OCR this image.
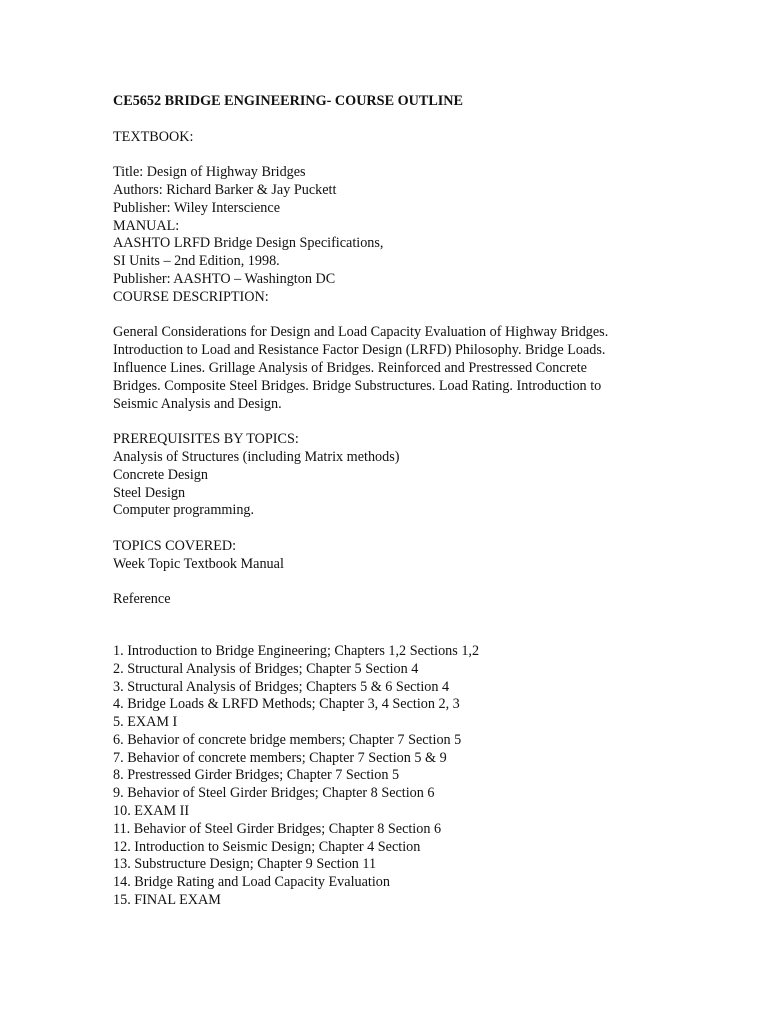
CE5652 BRIDGE ENGINEERING- COURSE OUTLINE

TEXTBOOK:

Title: Design of Highway Bridges

Authors: Richard Barker & Jay Puckett

Publisher: Wiley Interscience

MANUAL:

AASHTO LRFD Bridge Design Specifications,

SI Units – 2nd Edition, 1998.

Publisher: AASHTO – Washington DC

COURSE DESCRIPTION:

General Considerations for Design and Load Capacity Evaluation of Highway Bridges.

Introduction to Load and Resistance Factor Design (LRFD) Philosophy. Bridge Loads.

Influence Lines. Grillage Analysis of Bridges. Reinforced and Prestressed Concrete

Bridges. Composite Steel Bridges. Bridge Substructures. Load Rating. Introduction to

Seismic Analysis and Design.

PREREQUISITES BY TOPICS:

Analysis of Structures (including Matrix methods)

Concrete Design

Steel Design

Computer programming.

TOPICS COVERED:

Week Topic Textbook Manual

Reference

1. Introduction to Bridge Engineering; Chapters 1,2 Sections 1,2

2. Structural Analysis of Bridges; Chapter 5 Section 4

3. Structural Analysis of Bridges; Chapters 5 & 6 Section 4

4. Bridge Loads & LRFD Methods; Chapter 3, 4 Section 2, 3

5. EXAM I

6. Behavior of concrete bridge members; Chapter 7 Section 5

7. Behavior of concrete members; Chapter 7 Section 5 & 9

8. Prestressed Girder Bridges; Chapter 7 Section 5

9. Behavior of Steel Girder Bridges; Chapter 8 Section 6

10. EXAM II

11. Behavior of Steel Girder Bridges; Chapter 8 Section 6

12. Introduction to Seismic Design; Chapter 4 Section

13. Substructure Design; Chapter 9 Section 11

14. Bridge Rating and Load Capacity Evaluation

15. FINAL EXAM
